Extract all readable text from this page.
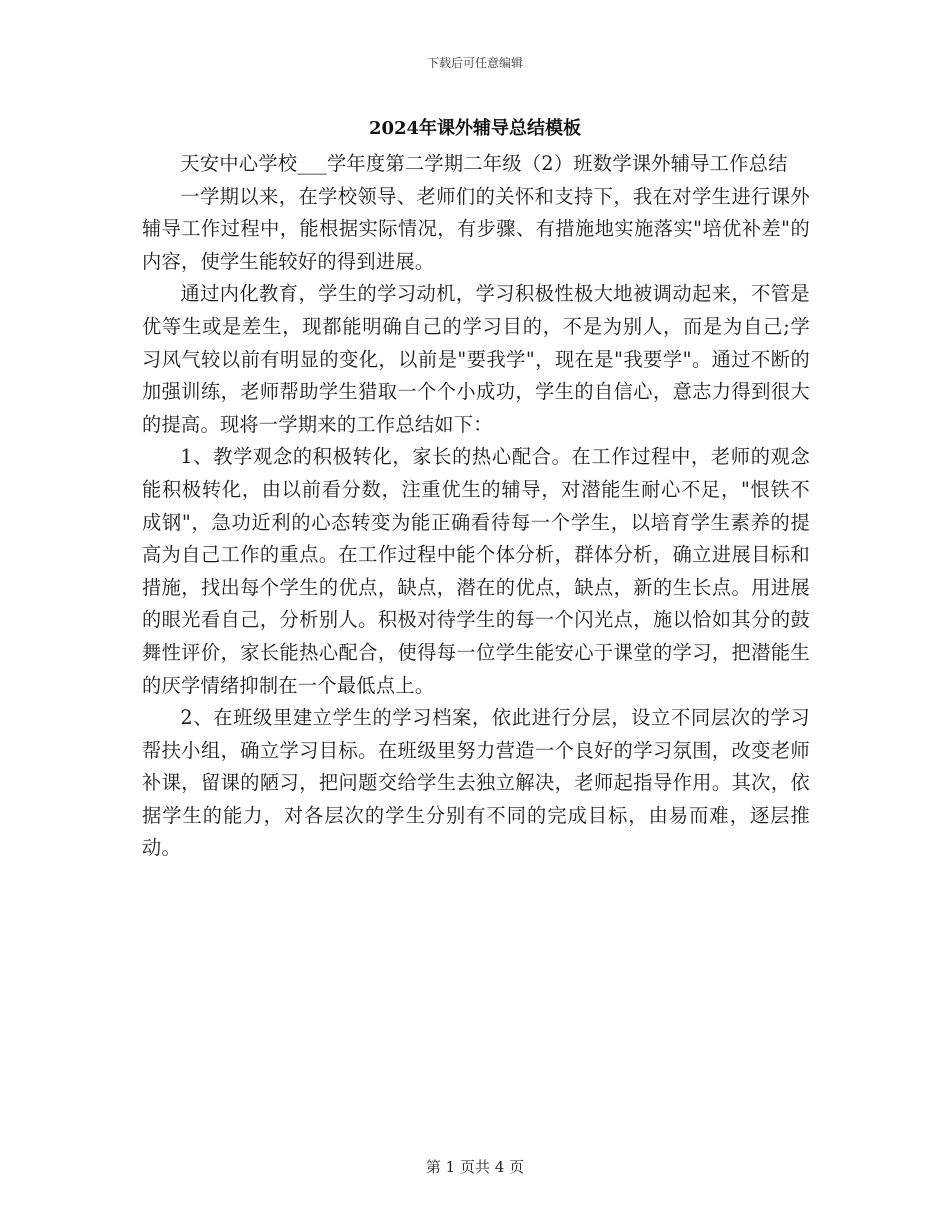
下载后可任意编辑
2024年课外辅导总结模板

天安中心学校___学年度第二学期二年级（2）班数学课外辅导工作总结

一学期以来，在学校领导、老师们的关怀和支持下，我在对学生进行课外辅导工作过程中，能根据实际情况，有步骤、有措施地实施落实"培优补差"的内容，使学生能较好的得到进展。

通过内化教育，学生的学习动机，学习积极性极大地被调动起来，不管是优等生或是差生，现都能明确自己的学习目的，不是为别人，而是为自己;学习风气较以前有明显的变化，以前是"要我学"，现在是"我要学"。通过不断的加强训练，老师帮助学生猎取一个个小成功，学生的自信心，意志力得到很大的提高。现将一学期来的工作总结如下：

1、教学观念的积极转化，家长的热心配合。在工作过程中，老师的观念能积极转化，由以前看分数，注重优生的辅导，对潜能生耐心不足，"恨铁不成钢"，急功近利的心态转变为能正确看待每一个学生，以培育学生素养的提高为自己工作的重点。在工作过程中能个体分析，群体分析，确立进展目标和措施，找出每个学生的优点，缺点，潜在的优点，缺点，新的生长点。用进展的眼光看自己，分析别人。积极对待学生的每一个闪光点，施以恰如其分的鼓舞性评价，家长能热心配合，使得每一位学生能安心于课堂的学习，把潜能生的厌学情绪抑制在一个最低点上。

2、在班级里建立学生的学习档案，依此进行分层，设立不同层次的学习帮扶小组，确立学习目标。在班级里努力营造一个良好的学习氛围，改变老师补课，留课的陋习，把问题交给学生去独立解决，老师起指导作用。其次，依据学生的能力，对各层次的学生分别有不同的完成目标，由易而难，逐层推动。

第 1 页共 4 页
